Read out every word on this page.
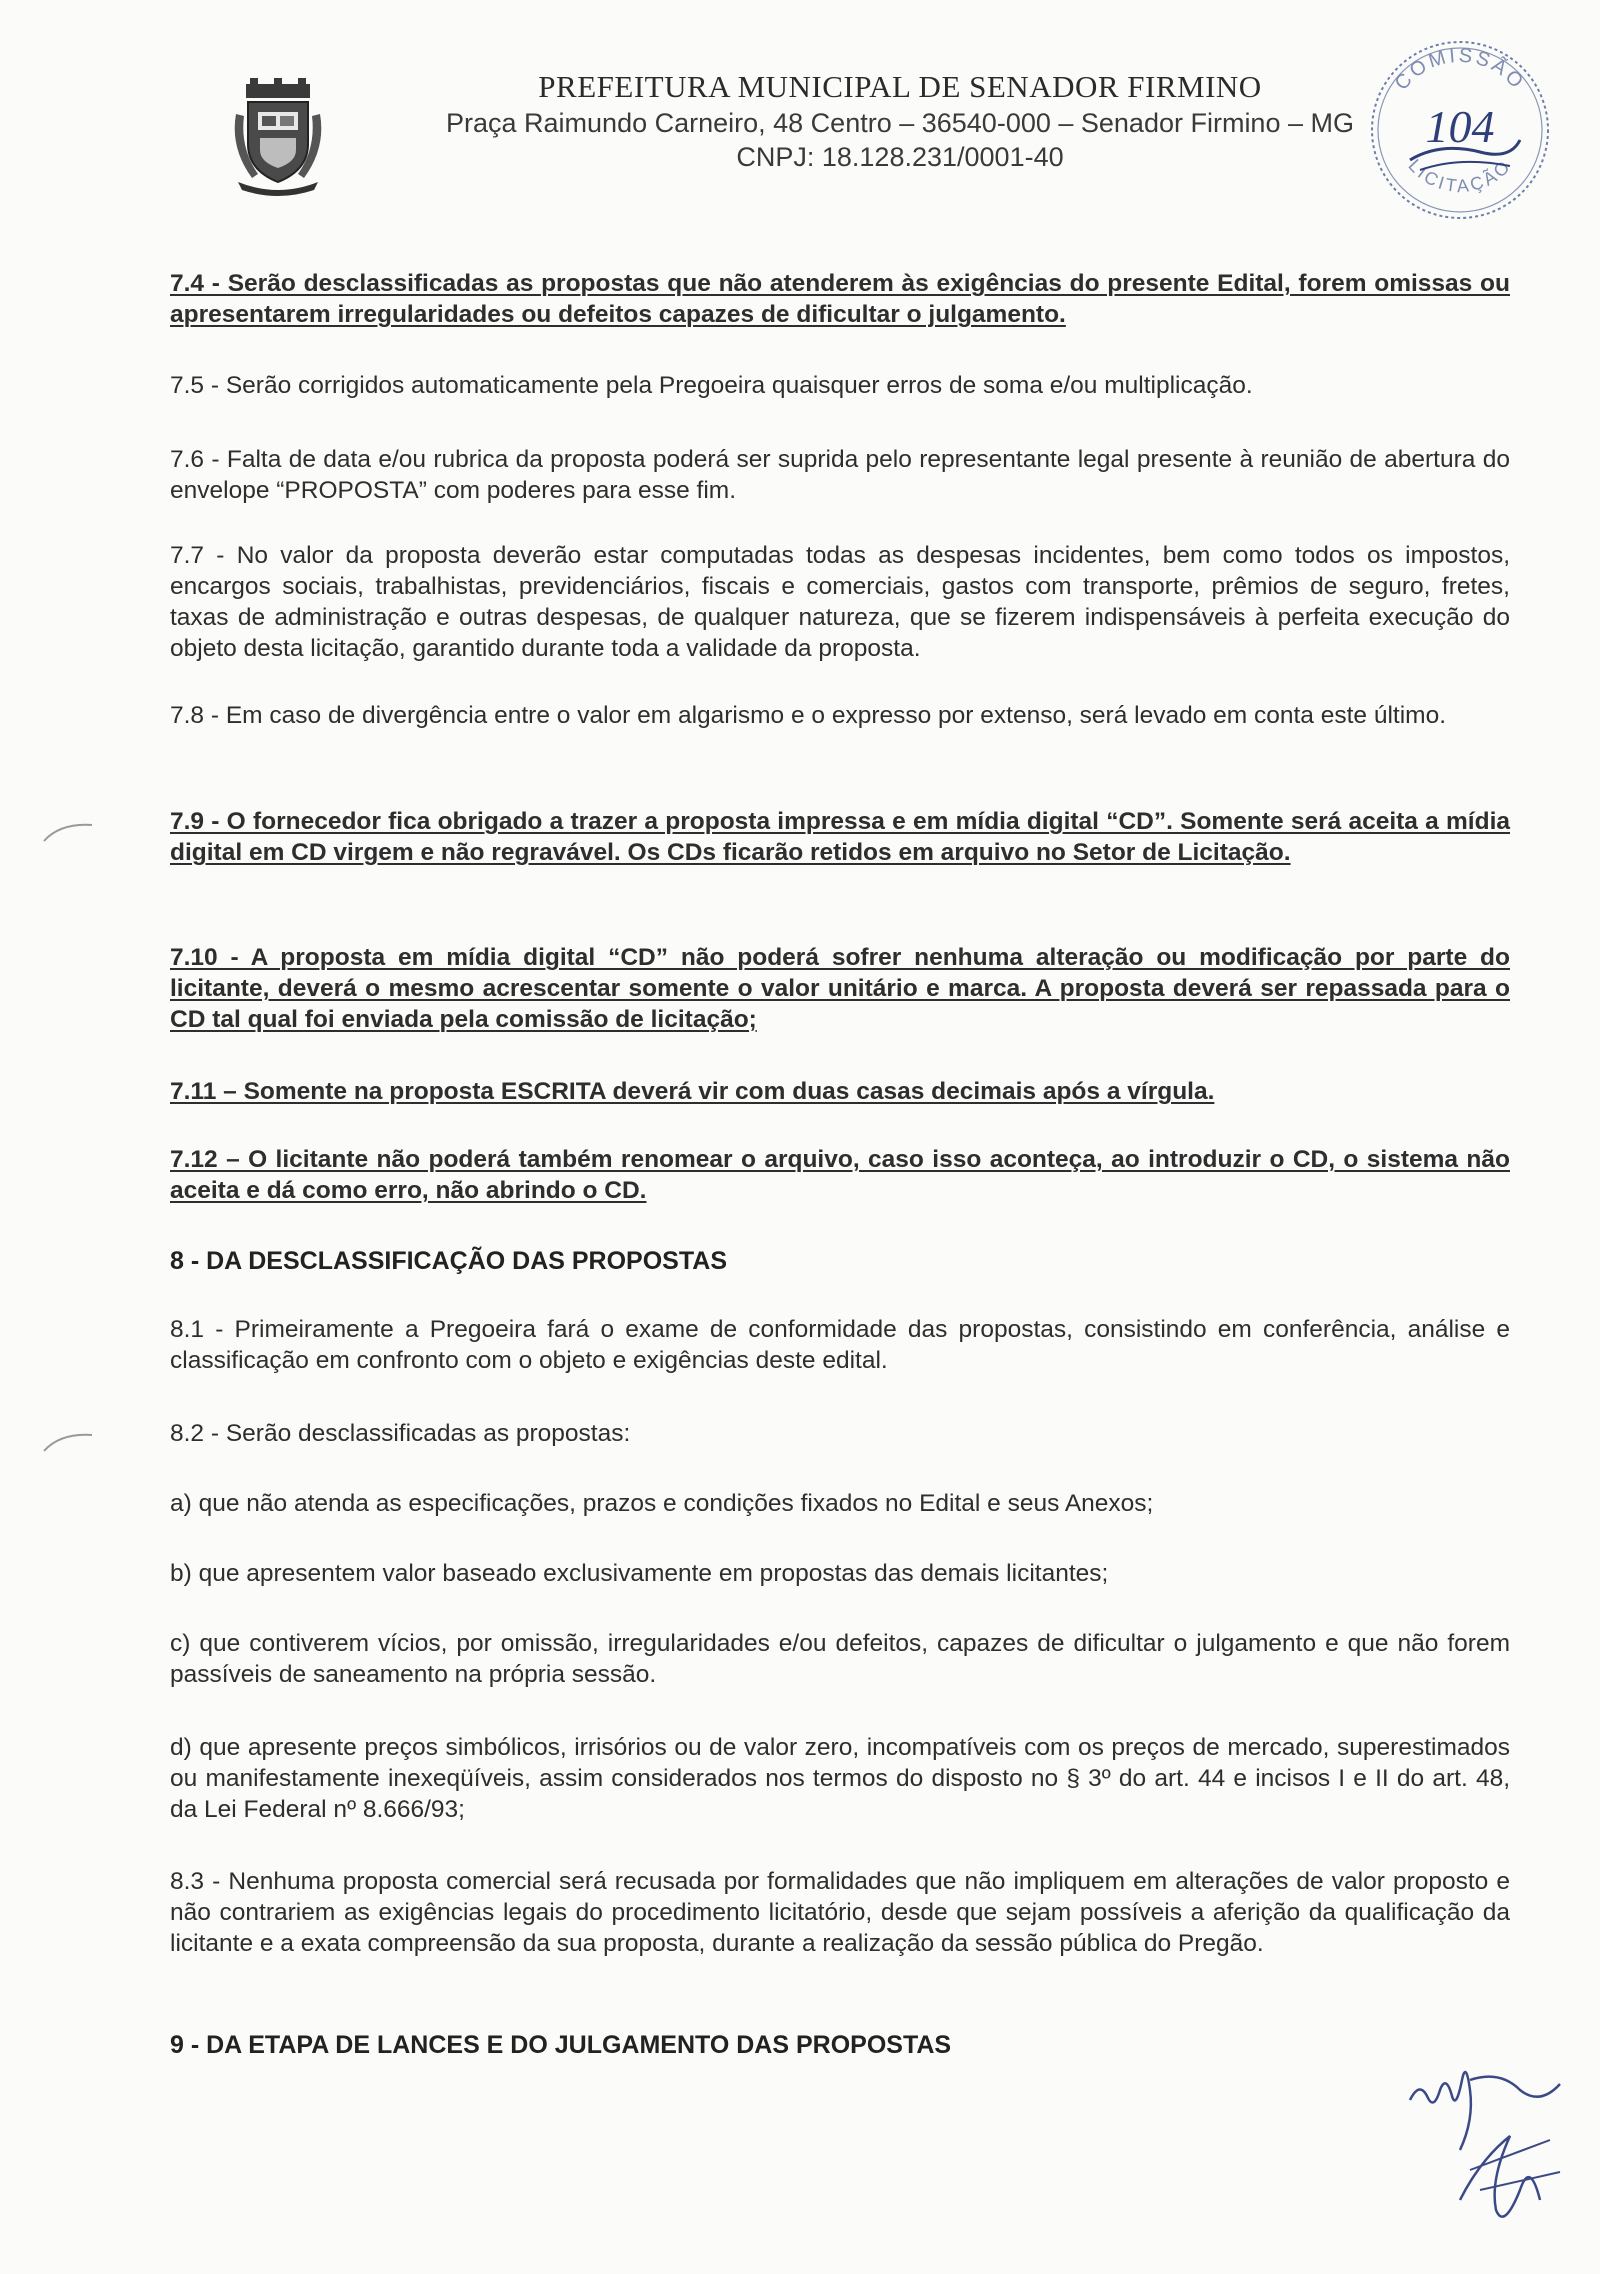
PREFEITURA MUNICIPAL DE SENADOR FIRMINO

Praça Raimundo Carneiro, 48 Centro – 36540-000 – Senador Firmino – MG

CNPJ: 18.128.231/0001-40

COMISSÃO
LICITAÇÃO
104

7.4 - Serão desclassificadas as propostas que não atenderem às exigências do presente Edital, forem omissas ou apresentarem irregularidades ou defeitos capazes de dificultar o julgamento.

7.5 - Serão corrigidos automaticamente pela Pregoeira quaisquer erros de soma e/ou multiplicação.

7.6 - Falta de data e/ou rubrica da proposta poderá ser suprida pelo representante legal presente à reunião de abertura do envelope “PROPOSTA” com poderes para esse fim.

7.7 - No valor da proposta deverão estar computadas todas as despesas incidentes, bem como todos os impostos, encargos sociais, trabalhistas, previdenciários, fiscais e comerciais, gastos com transporte, prêmios de seguro, fretes, taxas de administração e outras despesas, de qualquer natureza, que se fizerem indispensáveis à perfeita execução do objeto desta licitação, garantido durante toda a validade da proposta.

7.8 - Em caso de divergência entre o valor em algarismo e o expresso por extenso, será levado em conta este último.

7.9 - O fornecedor fica obrigado a trazer a proposta impressa e em mídia digital “CD”. Somente será aceita a mídia digital em CD virgem e não regravável. Os CDs ficarão retidos em arquivo no Setor de Licitação.

7.10 - A proposta em mídia digital “CD” não poderá sofrer nenhuma alteração ou modificação por parte do licitante, deverá o mesmo acrescentar somente o valor unitário e marca. A proposta deverá ser repassada para o CD tal qual foi enviada pela comissão de licitação;

7.11 – Somente na proposta ESCRITA deverá vir com duas casas decimais após a vírgula.

7.12 – O licitante não poderá também renomear o arquivo, caso isso aconteça, ao introduzir o CD, o sistema não aceita e dá como erro, não abrindo o CD.

8 - DA DESCLASSIFICAÇÃO DAS PROPOSTAS

8.1 - Primeiramente a Pregoeira fará o exame de conformidade das propostas, consistindo em conferência, análise e classificação em confronto com o objeto e exigências deste edital.

8.2 - Serão desclassificadas as propostas:

a) que não atenda as especificações, prazos e condições fixados no Edital e seus Anexos;

b) que apresentem valor baseado exclusivamente em propostas das demais licitantes;

c) que contiverem vícios, por omissão, irregularidades e/ou defeitos, capazes de dificultar o julgamento e que não forem passíveis de saneamento na própria sessão.

d) que apresente preços simbólicos, irrisórios ou de valor zero, incompatíveis com os preços de mercado, superestimados ou manifestamente inexeqüíveis, assim considerados nos termos do disposto no § 3º do art. 44 e incisos I e II do art. 48, da Lei Federal nº 8.666/93;

8.3 - Nenhuma proposta comercial será recusada por formalidades que não impliquem em alterações de valor proposto e não contrariem as exigências legais do procedimento licitatório, desde que sejam possíveis a aferição da qualificação da licitante e a exata compreensão da sua proposta, durante a realização da sessão pública do Pregão.

9 - DA ETAPA DE LANCES E DO JULGAMENTO DAS PROPOSTAS
